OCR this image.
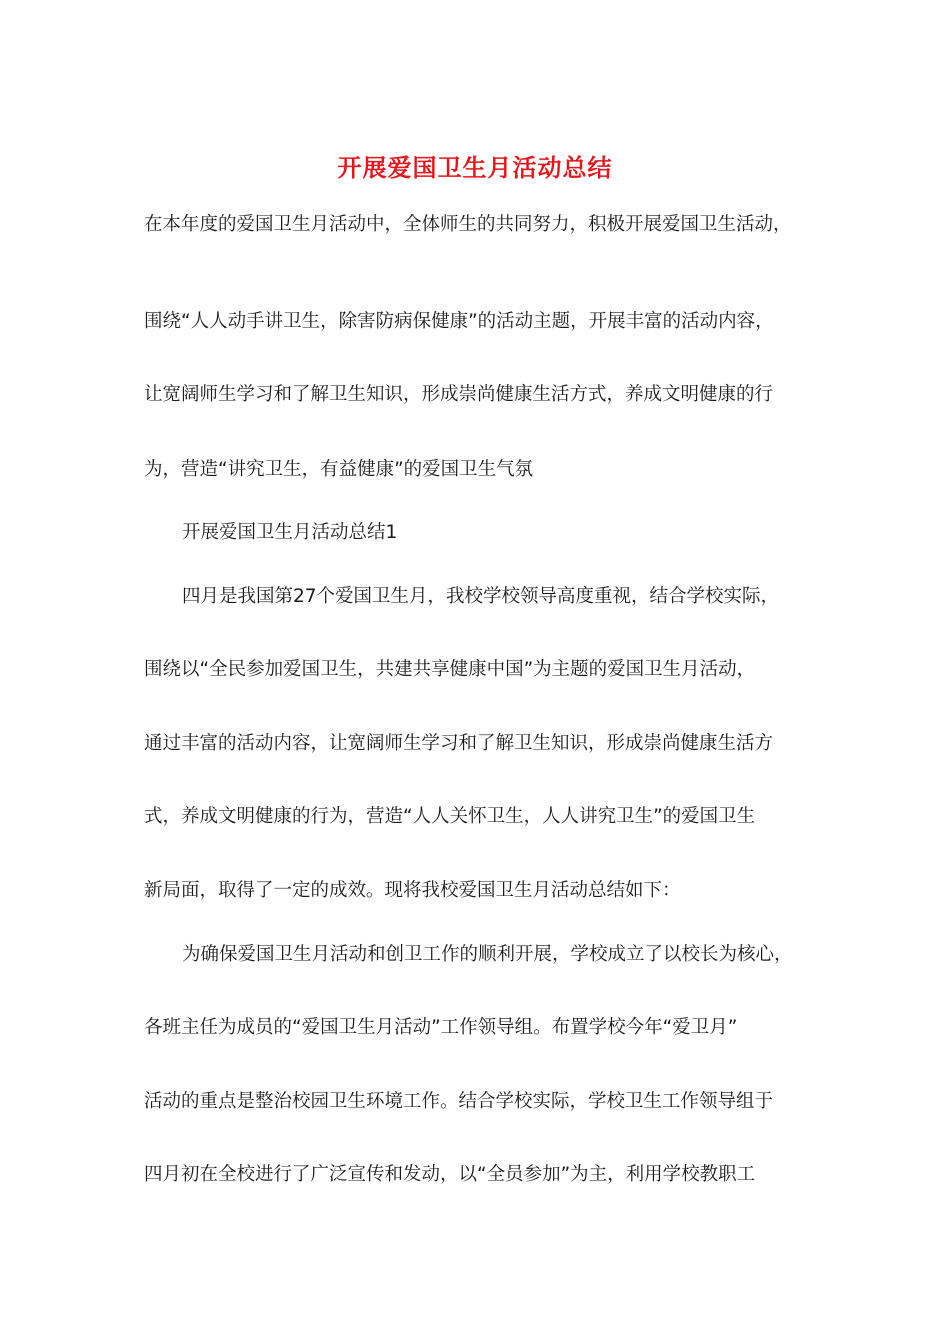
开展爱国卫生月活动总结
在本年度的爱国卫生月活动中，全体师生的共同努力，积极开展爱国卫生活动，
围绕“人人动手讲卫生，除害防病保健康”的活动主题，开展丰富的活动内容，
让宽阔师生学习和了解卫生知识，形成崇尚健康生活方式，养成文明健康的行
为，营造“讲究卫生，有益健康”的爱国卫生气氛
开展爱国卫生月活动总结1
四月是我国第27个爱国卫生月，我校学校领导高度重视，结合学校实际，
围绕以“全民参加爱国卫生，共建共享健康中国”为主题的爱国卫生月活动，
通过丰富的活动内容，让宽阔师生学习和了解卫生知识，形成崇尚健康生活方
式，养成文明健康的行为，营造“人人关怀卫生，人人讲究卫生”的爱国卫生
新局面，取得了一定的成效。现将我校爱国卫生月活动总结如下：
为确保爱国卫生月活动和创卫工作的顺利开展，学校成立了以校长为核心，
各班主任为成员的“爱国卫生月活动”工作领导组。布置学校今年“爱卫月”
活动的重点是整治校园卫生环境工作。结合学校实际，学校卫生工作领导组于
四月初在全校进行了广泛宣传和发动，以“全员参加”为主，利用学校教职工
